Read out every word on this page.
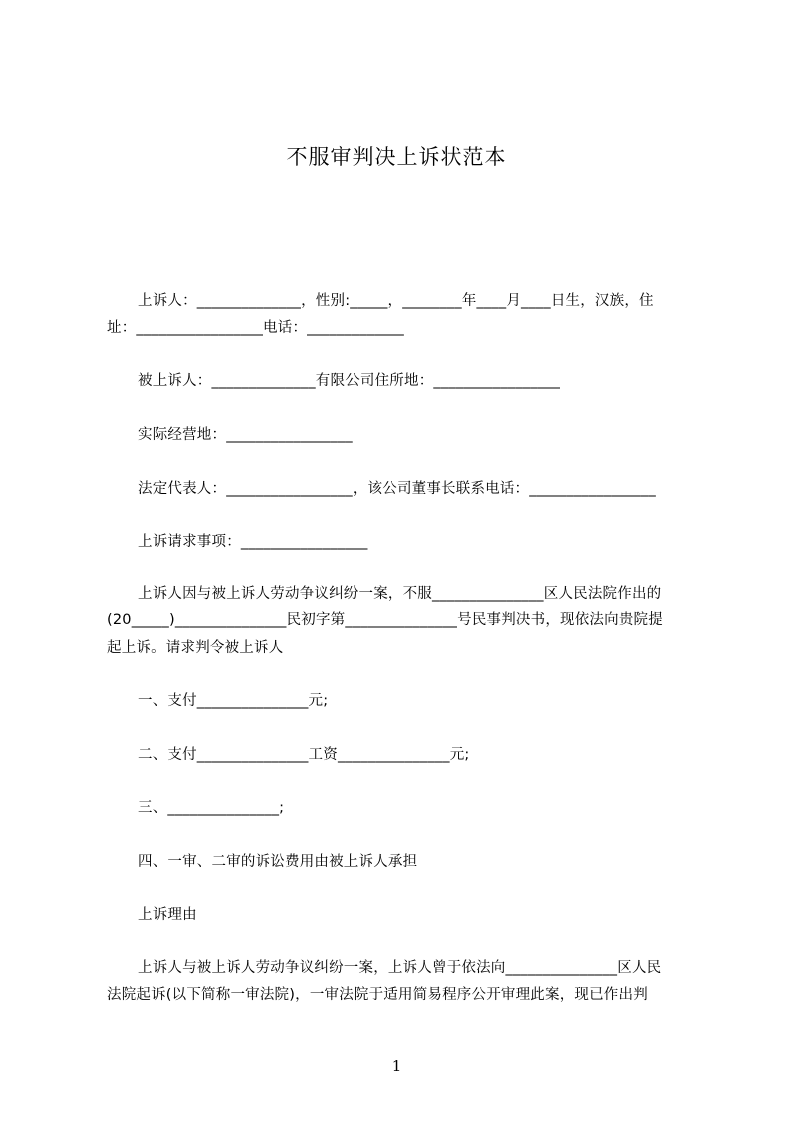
不服审判决上诉状范本
上诉人：______________，性别:_____，________年____月____日生，汉族，住
址：_________________电话：_____________
被上诉人：______________有限公司住所地：_________________
实际经营地：_________________
法定代表人：_________________，该公司董事长联系电话：_________________
上诉请求事项：_________________
上诉人因与被上诉人劳动争议纠纷一案，不服_______________区人民法院作出的
(20_____)_______________民初字第_______________号民事判决书，现依法向贵院提
起上诉。请求判令被上诉人
一、支付_______________元;
二、支付_______________工资_______________元;
三、_______________;
四、一审、二审的诉讼费用由被上诉人承担
上诉理由
上诉人与被上诉人劳动争议纠纷一案，上诉人曾于依法向_______________区人民
法院起诉(以下简称一审法院)，一审法院于适用简易程序公开审理此案，现已作出判
1
